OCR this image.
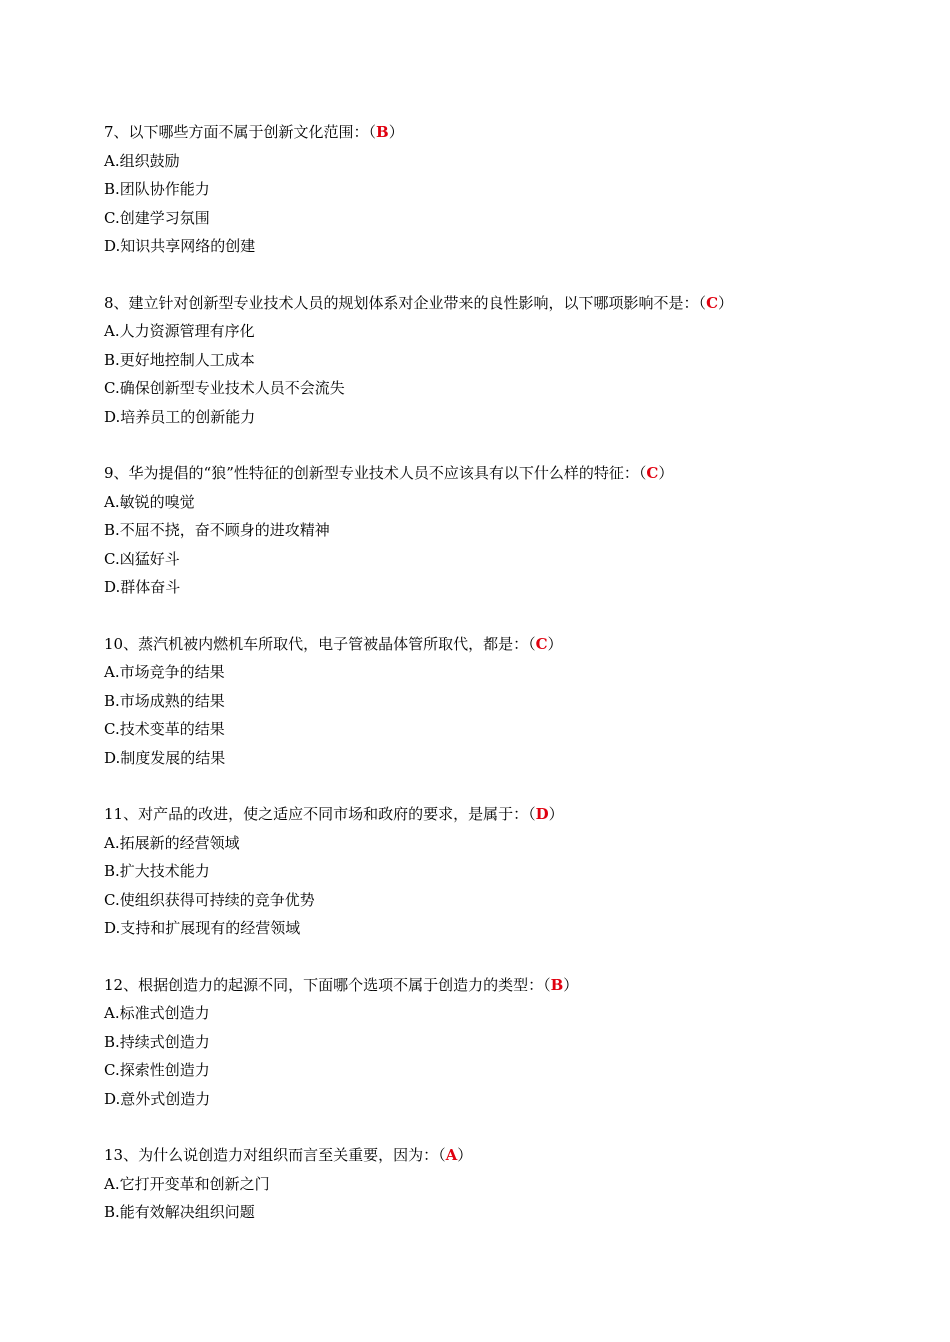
7、以下哪些方面不属于创新文化范围：（B）
A.组织鼓励
B.团队协作能力
C.创建学习氛围
D.知识共享网络的创建
8、建立针对创新型专业技术人员的规划体系对企业带来的良性影响，以下哪项影响不是：（C）
A.人力资源管理有序化
B.更好地控制人工成本
C.确保创新型专业技术人员不会流失
D.培养员工的创新能力
9、华为提倡的“狼”性特征的创新型专业技术人员不应该具有以下什么样的特征：（C）
A.敏锐的嗅觉
B.不屈不挠，奋不顾身的进攻精神
C.凶猛好斗
D.群体奋斗
10、蒸汽机被内燃机车所取代，电子管被晶体管所取代，都是：（C）
A.市场竞争的结果
B.市场成熟的结果
C.技术变革的结果
D.制度发展的结果
11、对产品的改进，使之适应不同市场和政府的要求，是属于：（D）
A.拓展新的经营领域
B.扩大技术能力
C.使组织获得可持续的竞争优势
D.支持和扩展现有的经营领域
12、根据创造力的起源不同，下面哪个选项不属于创造力的类型：（B）
A.标准式创造力
B.持续式创造力
C.探索性创造力
D.意外式创造力
13、为什么说创造力对组织而言至关重要，因为：（A）
A.它打开变革和创新之门
B.能有效解决组织问题
